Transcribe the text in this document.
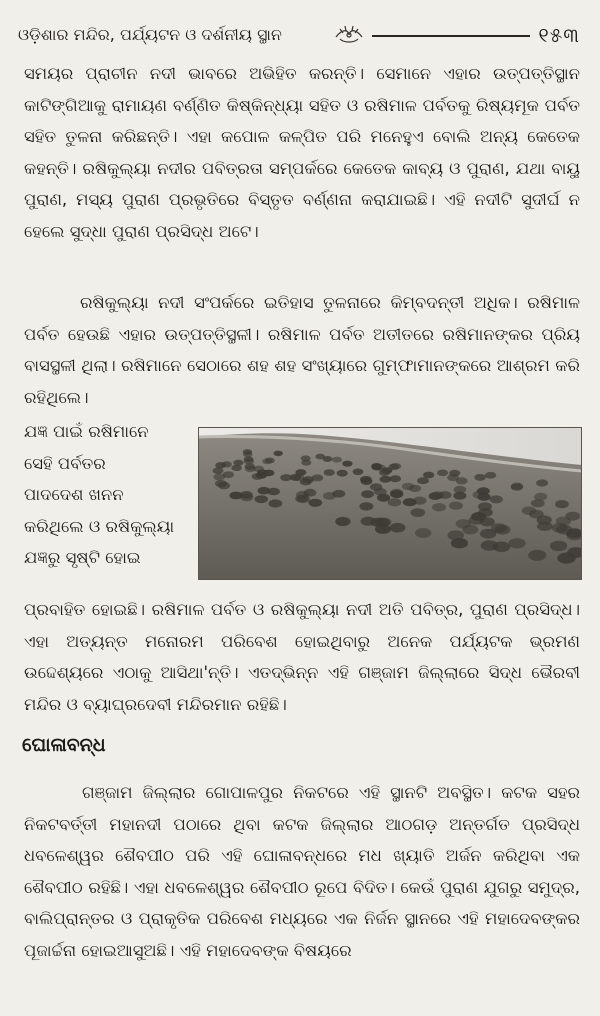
ଓଡ଼ିଶାର ମନ୍ଦିର, ପର୍ଯ୍ୟଟନ ଓ ଦର୍ଶନୀୟ ସ୍ଥାନ	୧୫୩

ସମୟର ପ୍ରାଚୀନ ନଦୀ ଭାବରେ ଅଭିହିତ କରନ୍ତି। ସେମାନେ ଏହାର ଉତ୍ପତ୍ତିସ୍ଥାନ କାଟିଙ୍ଗିଆକୁ ରାମାୟଣ ବର୍ଣ୍ଣିତ କିଷ୍କିନ୍ଧ୍ୟା ସହିତ ଓ ରଷିମାଳ ପର୍ବତକୁ ରିଷ୍ୟମୂକ ପର୍ବତ ସହିତ ତୁଳନା କରିଛନ୍ତି। ଏହା କପୋଳ କଳ୍ପିତ ପରି ମନେହୁଏ ବୋଲି ଅନ୍ୟ କେତେକ କହନ୍ତି। ରଷିକୁଲ୍ୟା ନଦୀର ପବିତ୍ରତା ସମ୍ପର୍କରେ କେତେକ କାବ୍ୟ ଓ ପୁରାଣ, ଯଥା ବାୟୁ ପୁରାଣ, ମସ୍ୟ ପୁରାଣ ପ୍ରଭୃତିରେ ବିସ୍ତୃତ ବର୍ଣ୍ଣନା କରାଯାଇଛି। ଏହି ନଦୀଟି ସୁଦୀର୍ଘ ନ ହେଲେ ସୁଦ୍ଧା ପୁରାଣ ପ୍ରସିଦ୍ଧ ଅଟେ।

ରଷିକୁଲ୍ୟା ନଦୀ ସଂପର୍କରେ ଇତିହାସ ତୁଳନାରେ କିମ୍ବଦନ୍ତୀ ଅଧିକ। ରଷିମାଳ ପର୍ବତ ହେଉଛି ଏହାର ଉତ୍ପତ୍ତିସ୍ଥଳୀ। ରଷିମାଳ ପର୍ବତ ଅତୀତରେ ରଷିମାନଙ୍କର ପ୍ରିୟ ବାସସ୍ଥଳୀ ଥିଲା। ରଷିମାନେ ସେଠାରେ ଶହ ଶହ ସଂଖ୍ୟାରେ ଗୁମ୍ଫାମାନଙ୍କରେ ଆଶ୍ରମ କରି ରହିଥିଲେ।

ଯଜ୍ଞ ପାଇଁ ରଷିମାନେ
ସେହି ପର୍ବତର
ପାଦଦେଶ ଖନନ
କରିଥିଲେ ଓ ରଷିକୁଲ୍ୟା
ଯଜ୍ଞରୁ ସୃଷ୍ଟି ହୋଇ

ପ୍ରବାହିତ ହୋଇଛି। ରଷିମାଳ ପର୍ବତ ଓ ରଷିକୁଲ୍ୟା ନଦୀ ଅତି ପବିତ୍ର, ପୁରାଣ ପ୍ରସିଦ୍ଧ। ଏହା ଅତ୍ୟନ୍ତ ମନୋରମ ପରିବେଶ ହୋଇଥିବାରୁ ଅନେକ ପର୍ଯ୍ୟଟକ ଭ୍ରମଣ ଉଦ୍ଦେଶ୍ୟରେ ଏଠାକୁ ଆସିଥା'ନ୍ତି। ଏତଦ୍‌ଭିନ୍ନ ଏହି ଗଞ୍ଜାମ ଜିଲ୍ଲାରେ ସିଦ୍ଧ ଭୈରବୀ ମନ୍ଦିର ଓ ବ୍ୟାଘ୍ରଦେବୀ ମନ୍ଦିରମାନ ରହିଛି।

ଘୋଳାବନ୍ଧ

ଗଞ୍ଜାମ ଜିଲ୍ଲାର ଗୋପାଳପୁର ନିକଟରେ ଏହି ସ୍ଥାନଟି ଅବସ୍ଥିତ। କଟକ ସହର ନିକଟବର୍ତ୍ତୀ ମହାନଦୀ ପଠାରେ ଥିବା କଟକ ଜିଲ୍ଲାର ଆଠଗଡ଼ ଅନ୍ତର୍ଗତ ପ୍ରସିଦ୍ଧ ଧବଳେଶ୍ୱର ଶୈବପୀଠ ପରି ଏହି ଘୋଳାବନ୍ଧରେ ମଧ ଖ୍ୟାତି ଅର୍ଜନ କରିଥିବା ଏକ ଶୈବପୀଠ ରହିଛି। ଏହା ଧବଳେଶ୍ୱର ଶୈବପୀଠ ରୂପେ ବିଦିତ। କେଉଁ ପୁରାଣ ଯୁଗରୁ ସମୁଦ୍ର, ବାଲିପ୍ରାନ୍ତର ଓ ପ୍ରାକୃତିକ ପରିବେଶ ମଧ୍ୟରେ ଏକ ନିର୍ଜନ ସ୍ଥାନରେ ଏହି ମହାଦେବଙ୍କର ପୂଜାର୍ଚ୍ଚନା ହୋଇଆସୁଅଛି। ଏହି ମହାଦେବଙ୍କ ବିଷୟରେ
